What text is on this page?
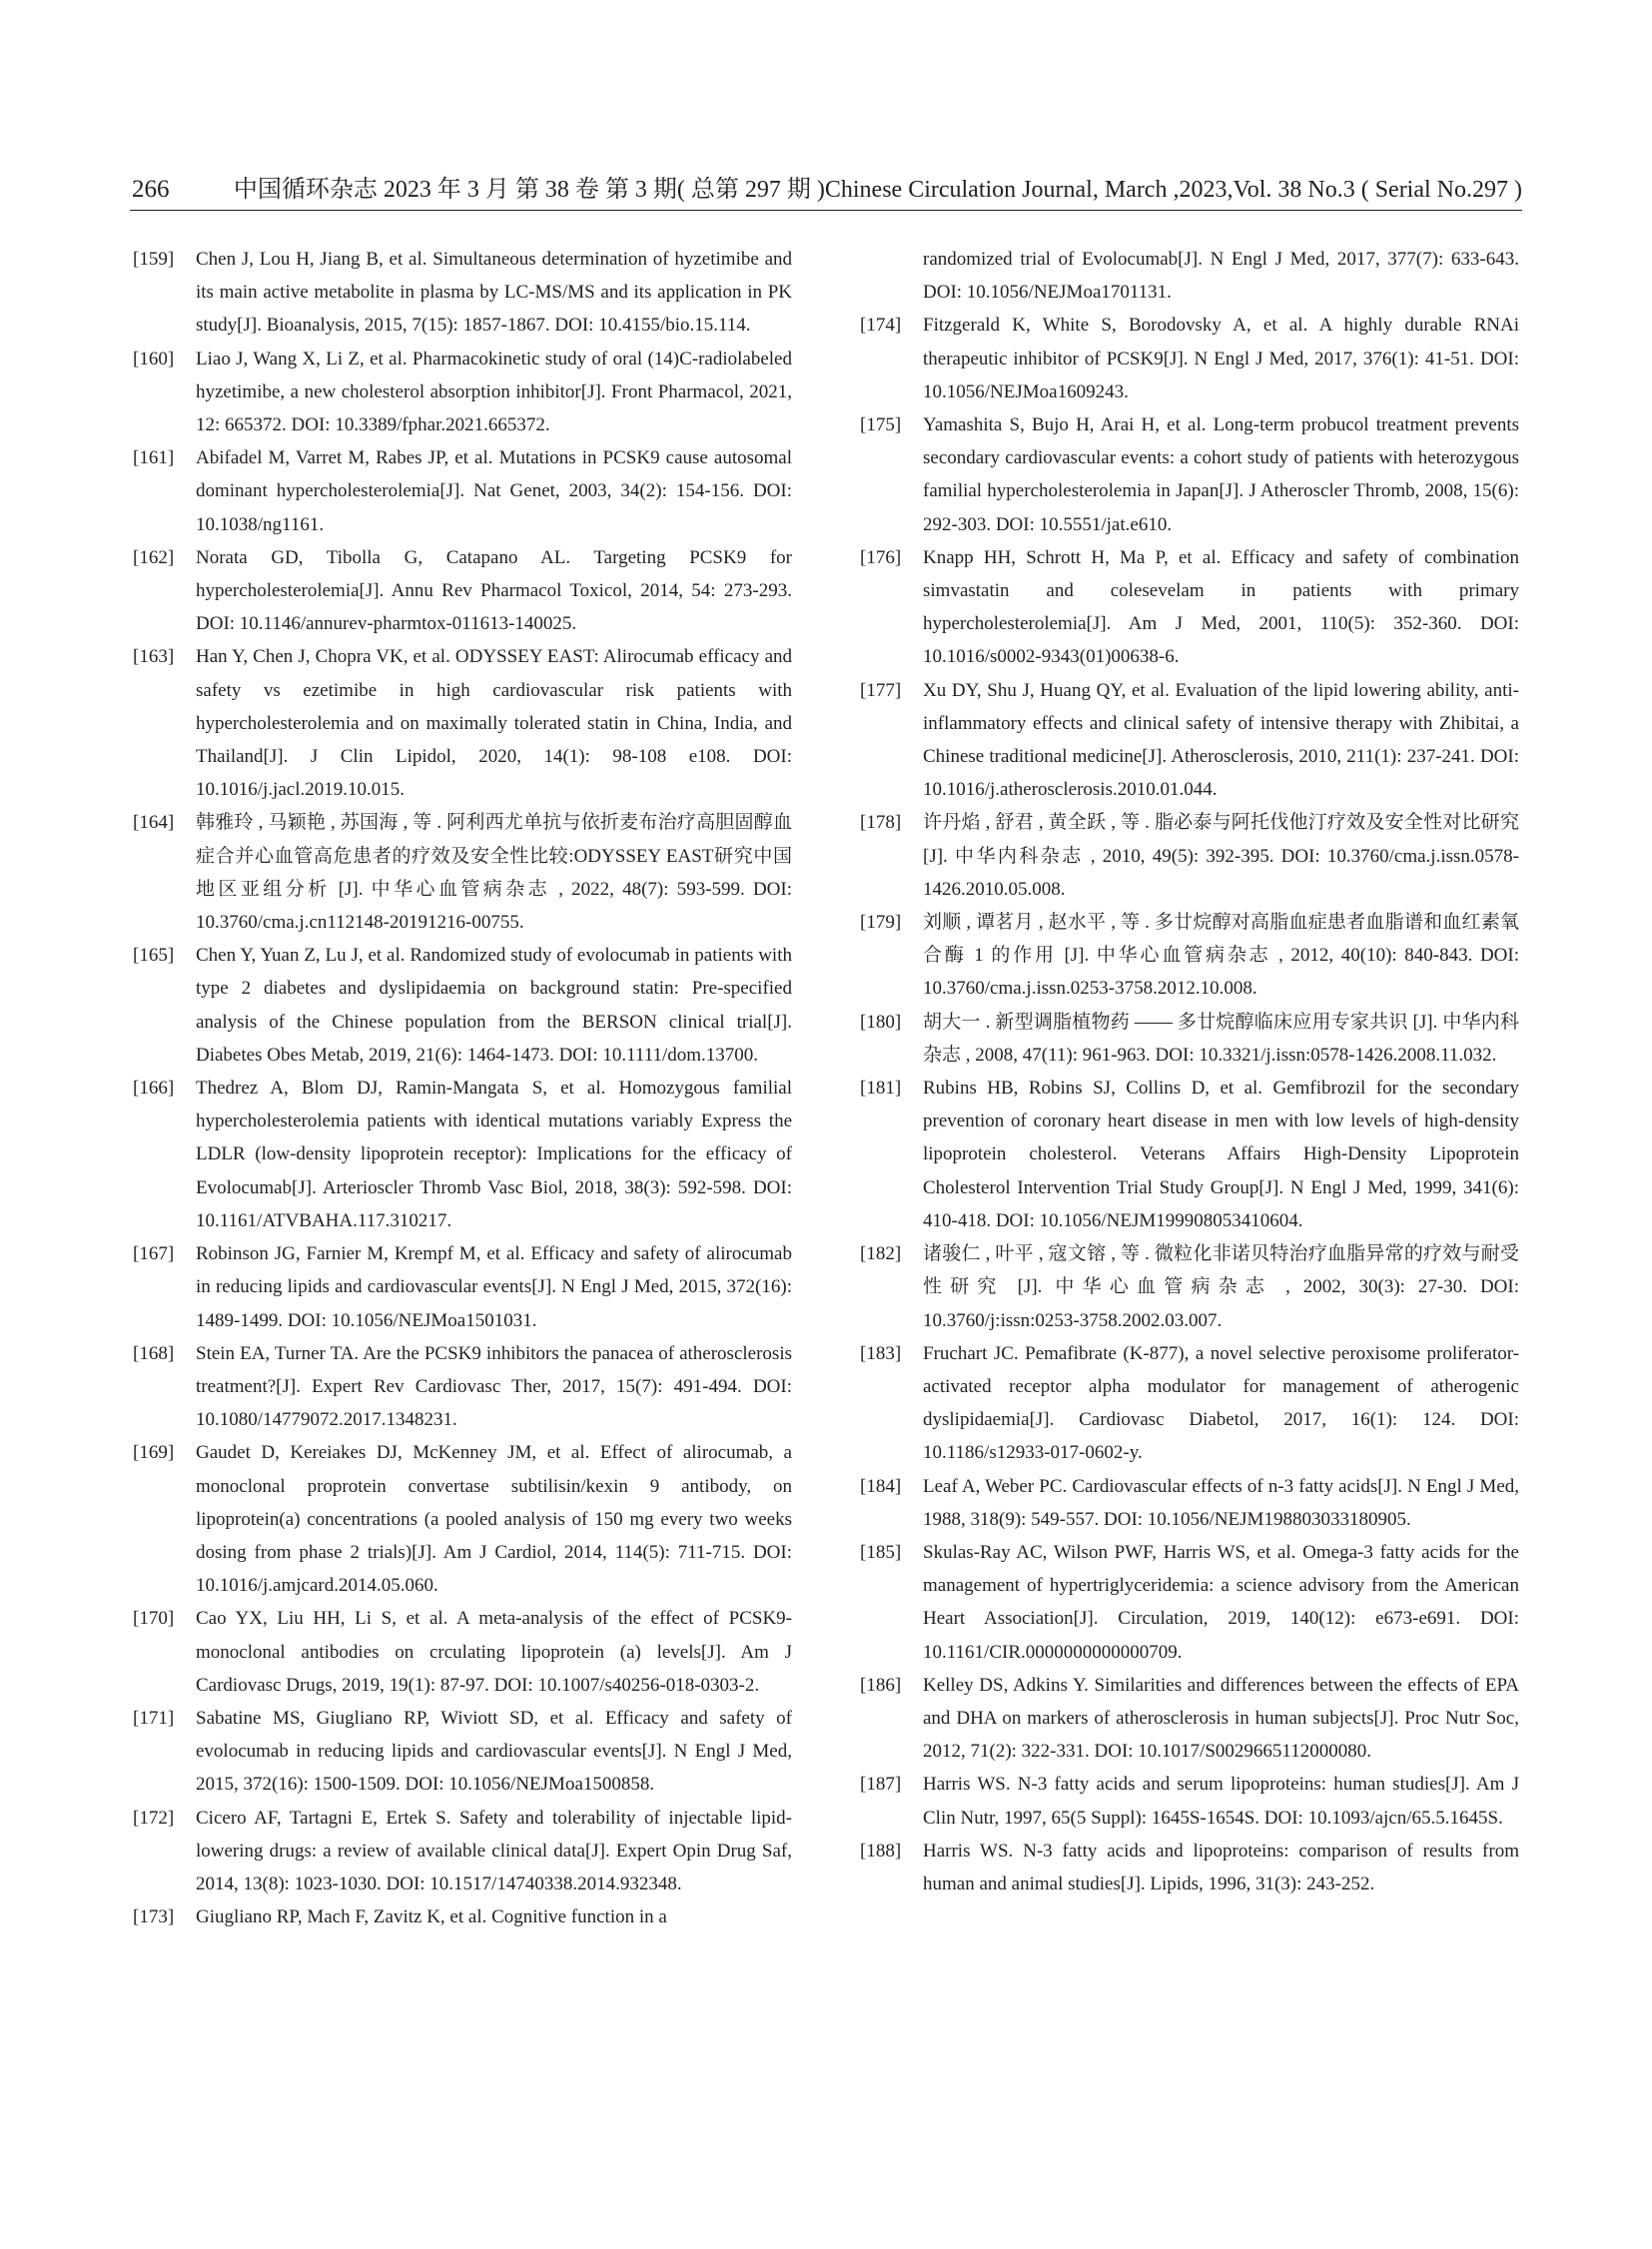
266	中国循环杂志 2023 年 3 月 第 38 卷 第 3 期( 总第 297 期 )Chinese Circulation Journal, March ,2023,Vol. 38 No.3 ( Serial No.297 )
[159]	Chen J, Lou H, Jiang B, et al. Simultaneous determination of hyzetimibe and its main active metabolite in plasma by LC-MS/MS and its application in PK study[J]. Bioanalysis, 2015, 7(15): 1857-1867. DOI: 10.4155/bio.15.114.
[160]	Liao J, Wang X, Li Z, et al. Pharmacokinetic study of oral (14)C-radiolabeled hyzetimibe, a new cholesterol absorption inhibitor[J]. Front Pharmacol, 2021, 12: 665372. DOI: 10.3389/fphar.2021.665372.
[161]	Abifadel M, Varret M, Rabes JP, et al. Mutations in PCSK9 cause autosomal dominant hypercholesterolemia[J]. Nat Genet, 2003, 34(2): 154-156. DOI: 10.1038/ng1161.
[162]	Norata GD, Tibolla G, Catapano AL. Targeting PCSK9 for hypercholesterolemia[J]. Annu Rev Pharmacol Toxicol, 2014, 54: 273-293. DOI: 10.1146/annurev-pharmtox-011613-140025.
[163]	Han Y, Chen J, Chopra VK, et al. ODYSSEY EAST: Alirocumab efficacy and safety vs ezetimibe in high cardiovascular risk patients with hypercholesterolemia and on maximally tolerated statin in China, India, and Thailand[J]. J Clin Lipidol, 2020, 14(1): 98-108 e108. DOI: 10.1016/j.jacl.2019.10.015.
[164]	韩雅玲 , 马颖艳 , 苏国海 , 等 . 阿利西尤单抗与依折麦布治疗高胆固醇血症合并心血管高危患者的疗效及安全性比较:ODYSSEY EAST研究中国地区亚组分析 [J]. 中华心血管病杂志 , 2022, 48(7): 593-599. DOI: 10.3760/cma.j.cn112148-20191216-00755.
[165]	Chen Y, Yuan Z, Lu J, et al. Randomized study of evolocumab in patients with type 2 diabetes and dyslipidaemia on background statin: Pre-specified analysis of the Chinese population from the BERSON clinical trial[J]. Diabetes Obes Metab, 2019, 21(6): 1464-1473. DOI: 10.1111/dom.13700.
[166]	Thedrez A, Blom DJ, Ramin-Mangata S, et al. Homozygous familial hypercholesterolemia patients with identical mutations variably Express the LDLR (low-density lipoprotein receptor): Implications for the efficacy of Evolocumab[J]. Arterioscler Thromb Vasc Biol, 2018, 38(3): 592-598. DOI: 10.1161/ATVBAHA.117.310217.
[167]	Robinson JG, Farnier M, Krempf M, et al. Efficacy and safety of alirocumab in reducing lipids and cardiovascular events[J]. N Engl J Med, 2015, 372(16): 1489-1499. DOI: 10.1056/NEJMoa1501031.
[168]	Stein EA, Turner TA. Are the PCSK9 inhibitors the panacea of atherosclerosis treatment?[J]. Expert Rev Cardiovasc Ther, 2017, 15(7): 491-494. DOI: 10.1080/14779072.2017.1348231.
[169]	Gaudet D, Kereiakes DJ, McKenney JM, et al. Effect of alirocumab, a monoclonal proprotein convertase subtilisin/kexin 9 antibody, on lipoprotein(a) concentrations (a pooled analysis of 150 mg every two weeks dosing from phase 2 trials)[J]. Am J Cardiol, 2014, 114(5): 711-715. DOI: 10.1016/j.amjcard.2014.05.060.
[170]	Cao YX, Liu HH, Li S, et al. A meta-analysis of the effect of PCSK9-monoclonal antibodies on crculating lipoprotein (a) levels[J]. Am J Cardiovasc Drugs, 2019, 19(1): 87-97. DOI: 10.1007/s40256-018-0303-2.
[171]	Sabatine MS, Giugliano RP, Wiviott SD, et al. Efficacy and safety of evolocumab in reducing lipids and cardiovascular events[J]. N Engl J Med, 2015, 372(16): 1500-1509. DOI: 10.1056/NEJMoa1500858.
[172]	Cicero AF, Tartagni E, Ertek S. Safety and tolerability of injectable lipid-lowering drugs: a review of available clinical data[J]. Expert Opin Drug Saf, 2014, 13(8): 1023-1030. DOI: 10.1517/14740338.2014.932348.
[173]	Giugliano RP, Mach F, Zavitz K, et al. Cognitive function in a
randomized trial of Evolocumab[J]. N Engl J Med, 2017, 377(7): 633-643. DOI: 10.1056/NEJMoa1701131.
[174]	Fitzgerald K, White S, Borodovsky A, et al. A highly durable RNAi therapeutic inhibitor of PCSK9[J]. N Engl J Med, 2017, 376(1): 41-51. DOI: 10.1056/NEJMoa1609243.
[175]	Yamashita S, Bujo H, Arai H, et al. Long-term probucol treatment prevents secondary cardiovascular events: a cohort study of patients with heterozygous familial hypercholesterolemia in Japan[J]. J Atheroscler Thromb, 2008, 15(6): 292-303. DOI: 10.5551/jat.e610.
[176]	Knapp HH, Schrott H, Ma P, et al. Efficacy and safety of combination simvastatin and colesevelam in patients with primary hypercholesterolemia[J]. Am J Med, 2001, 110(5): 352-360. DOI: 10.1016/s0002-9343(01)00638-6.
[177]	Xu DY, Shu J, Huang QY, et al. Evaluation of the lipid lowering ability, anti-inflammatory effects and clinical safety of intensive therapy with Zhibitai, a Chinese traditional medicine[J]. Atherosclerosis, 2010, 211(1): 237-241. DOI: 10.1016/j.atherosclerosis.2010.01.044.
[178]	许丹焰 , 舒君 , 黄全跃 , 等 . 脂必泰与阿托伐他汀疗效及安全性对比研究 [J]. 中华内科杂志 , 2010, 49(5): 392-395. DOI: 10.3760/cma.j.issn.0578-1426.2010.05.008.
[179]	刘顺 , 谭茗月 , 赵水平 , 等 . 多廿烷醇对高脂血症患者血脂谱和血红素氧合酶 1 的作用 [J]. 中华心血管病杂志 , 2012, 40(10): 840-843. DOI: 10.3760/cma.j.issn.0253-3758.2012.10.008.
[180]	胡大一 . 新型调脂植物药 —— 多廿烷醇临床应用专家共识 [J]. 中华内科杂志 , 2008, 47(11): 961-963. DOI: 10.3321/j.issn:0578-1426.2008.11.032.
[181]	Rubins HB, Robins SJ, Collins D, et al. Gemfibrozil for the secondary prevention of coronary heart disease in men with low levels of high-density lipoprotein cholesterol. Veterans Affairs High-Density Lipoprotein Cholesterol Intervention Trial Study Group[J]. N Engl J Med, 1999, 341(6): 410-418. DOI: 10.1056/NEJM199908053410604.
[182]	诸骏仁 , 叶平 , 寇文镕 , 等 . 微粒化非诺贝特治疗血脂异常的疗效与耐受性研究 [J]. 中华心血管病杂志 , 2002, 30(3): 27-30. DOI: 10.3760/j:issn:0253-3758.2002.03.007.
[183]	Fruchart JC. Pemafibrate (K-877), a novel selective peroxisome proliferator-activated receptor alpha modulator for management of atherogenic dyslipidaemia[J]. Cardiovasc Diabetol, 2017, 16(1): 124. DOI: 10.1186/s12933-017-0602-y.
[184]	Leaf A, Weber PC. Cardiovascular effects of n-3 fatty acids[J]. N Engl J Med, 1988, 318(9): 549-557. DOI: 10.1056/NEJM198803033180905.
[185]	Skulas-Ray AC, Wilson PWF, Harris WS, et al. Omega-3 fatty acids for the management of hypertriglyceridemia: a science advisory from the American Heart Association[J]. Circulation, 2019, 140(12): e673-e691. DOI: 10.1161/CIR.0000000000000709.
[186]	Kelley DS, Adkins Y. Similarities and differences between the effects of EPA and DHA on markers of atherosclerosis in human subjects[J]. Proc Nutr Soc, 2012, 71(2): 322-331. DOI: 10.1017/S0029665112000080.
[187]	Harris WS. N-3 fatty acids and serum lipoproteins: human studies[J]. Am J Clin Nutr, 1997, 65(5 Suppl): 1645S-1654S. DOI: 10.1093/ajcn/65.5.1645S.
[188]	Harris WS. N-3 fatty acids and lipoproteins: comparison of results from human and animal studies[J]. Lipids, 1996, 31(3): 243-252.
